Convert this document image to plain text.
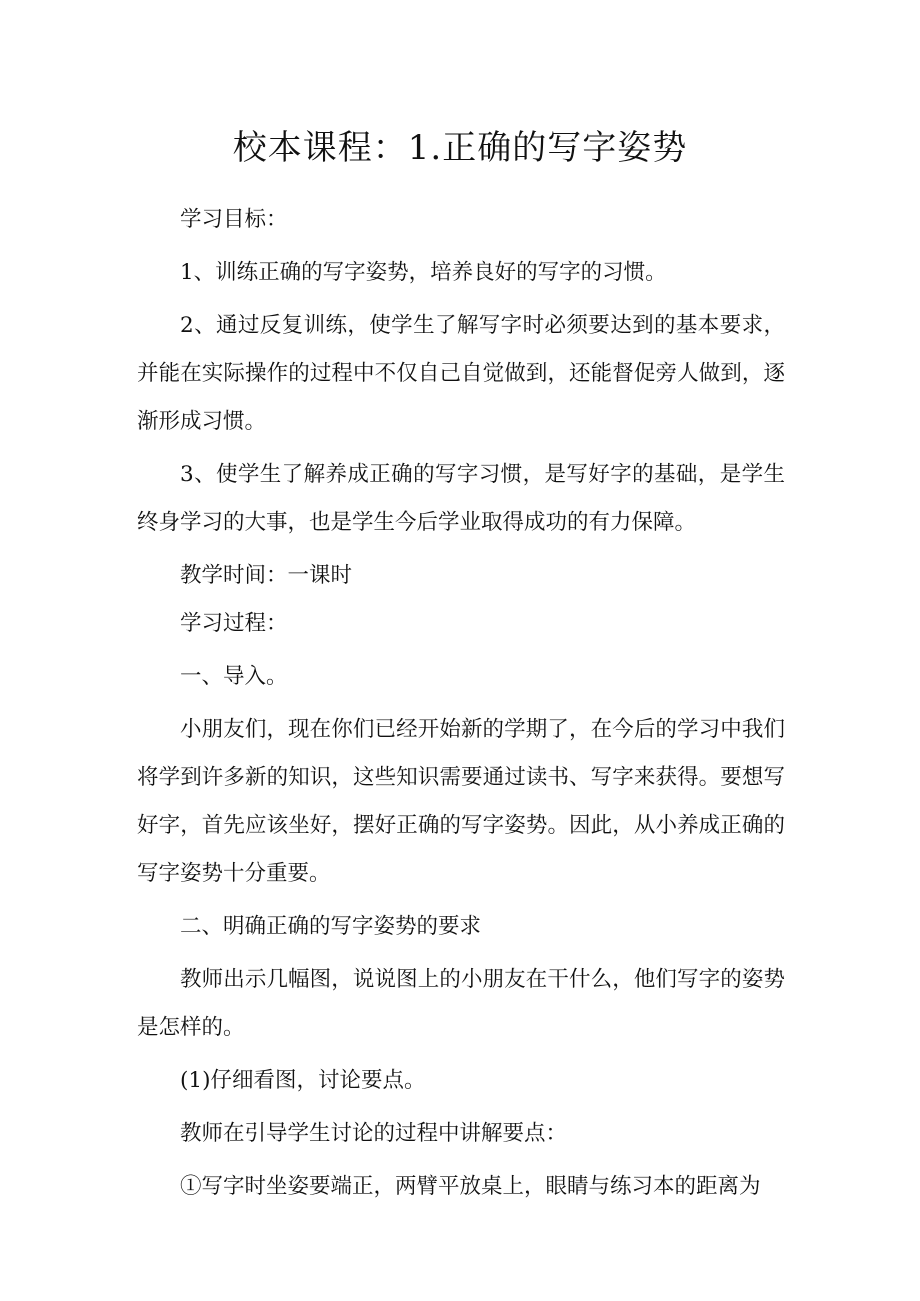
校本课程：1.正确的写字姿势

学习目标：

1、训练正确的写字姿势，培养良好的写字的习惯。

2、通过反复训练，使学生了解写字时必须要达到的基本要求，并能在实际操作的过程中不仅自己自觉做到，还能督促旁人做到，逐渐形成习惯。

3、使学生了解养成正确的写字习惯，是写好字的基础，是学生终身学习的大事，也是学生今后学业取得成功的有力保障。

教学时间：一课时

学习过程：

一、导入。

小朋友们，现在你们已经开始新的学期了，在今后的学习中我们将学到许多新的知识，这些知识需要通过读书、写字来获得。要想写好字，首先应该坐好，摆好正确的写字姿势。因此，从小养成正确的写字姿势十分重要。

二、明确正确的写字姿势的要求

教师出示几幅图，说说图上的小朋友在干什么，他们写字的姿势是怎样的。

(1)仔细看图，讨论要点。

教师在引导学生讨论的过程中讲解要点：

①写字时坐姿要端正，两臂平放桌上，眼睛与练习本的距离为
